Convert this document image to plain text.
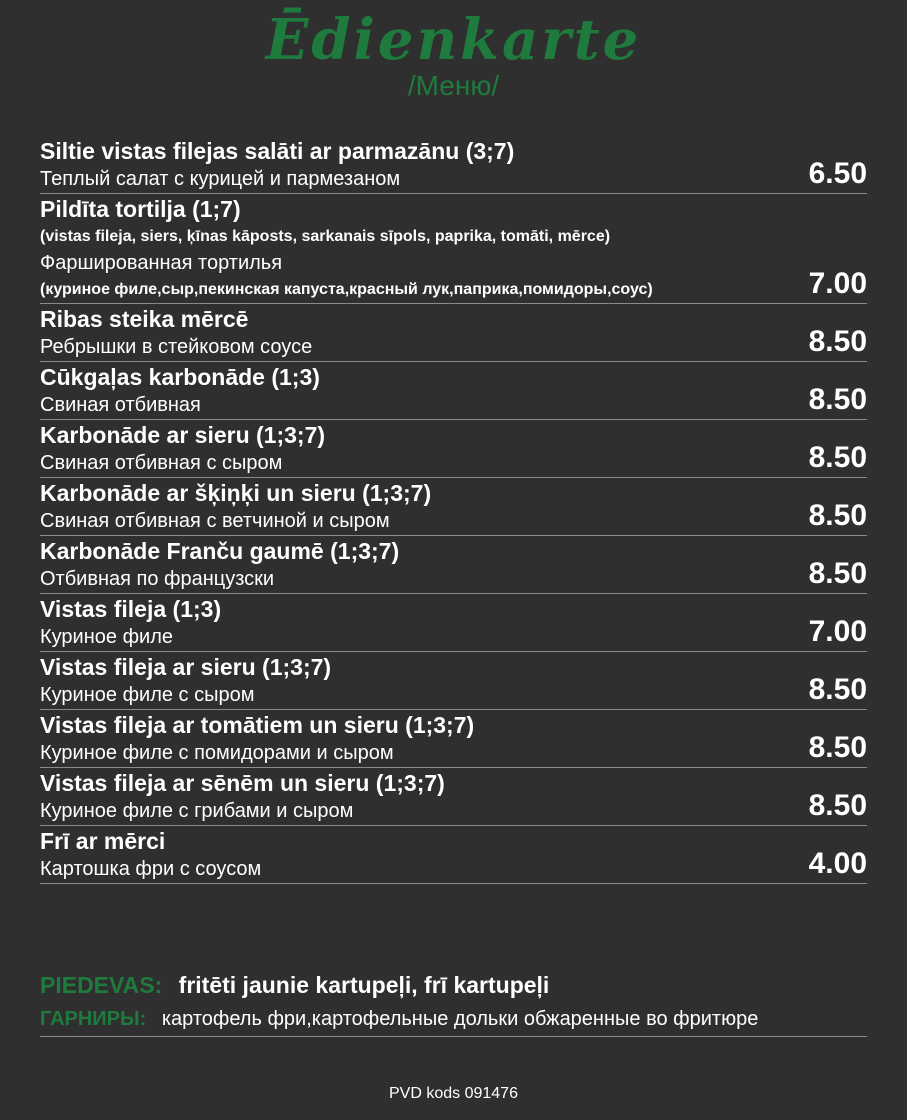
Ēdienkarte
/Меню/
Siltie vistas filejas salāti ar parmazānu (3;7)
Теплый салат с курицей и пармезаном	6.50
Pildīta tortilja (1;7)
(vistas fileja, siers, ķīnas kāposts, sarkanais sīpols, paprika, tomāti, mērce)
Фаршированная тортилья
(куриное филе,сыр,пекинская капуста,красный лук,паприка,помидоры,соус)	7.00
Ribas steika mērcē
Ребрышки в стейковом соусе	8.50
Cūkgaļas karbonāde (1;3)
Свиная отбивная	8.50
Karbonāde ar sieru (1;3;7)
Свиная отбивная с сыром	8.50
Karbonāde ar šķiņķi un sieru (1;3;7)
Свиная отбивная с ветчиной и сыром	8.50
Karbonāde Franču gaumē (1;3;7)
Отбивная по французски	8.50
Vistas fileja (1;3)
Куриное филе	7.00
Vistas fileja ar sieru (1;3;7)
Куриное филе с сыром	8.50
Vistas fileja ar tomātiem un sieru (1;3;7)
Куриное филе с помидорами и сыром	8.50
Vistas fileja ar sēnēm un sieru (1;3;7)
Куриное филе с грибами и сыром	8.50
Frī ar mērci
Картошка фри с соусом	4.00
PIEDEVAS: fritēti jaunie kartupeļi, frī kartupeļi
ГАРНИРЫ: картофель фри,картофельные дольки обжаренные во фритюре
PVD kods 091476
